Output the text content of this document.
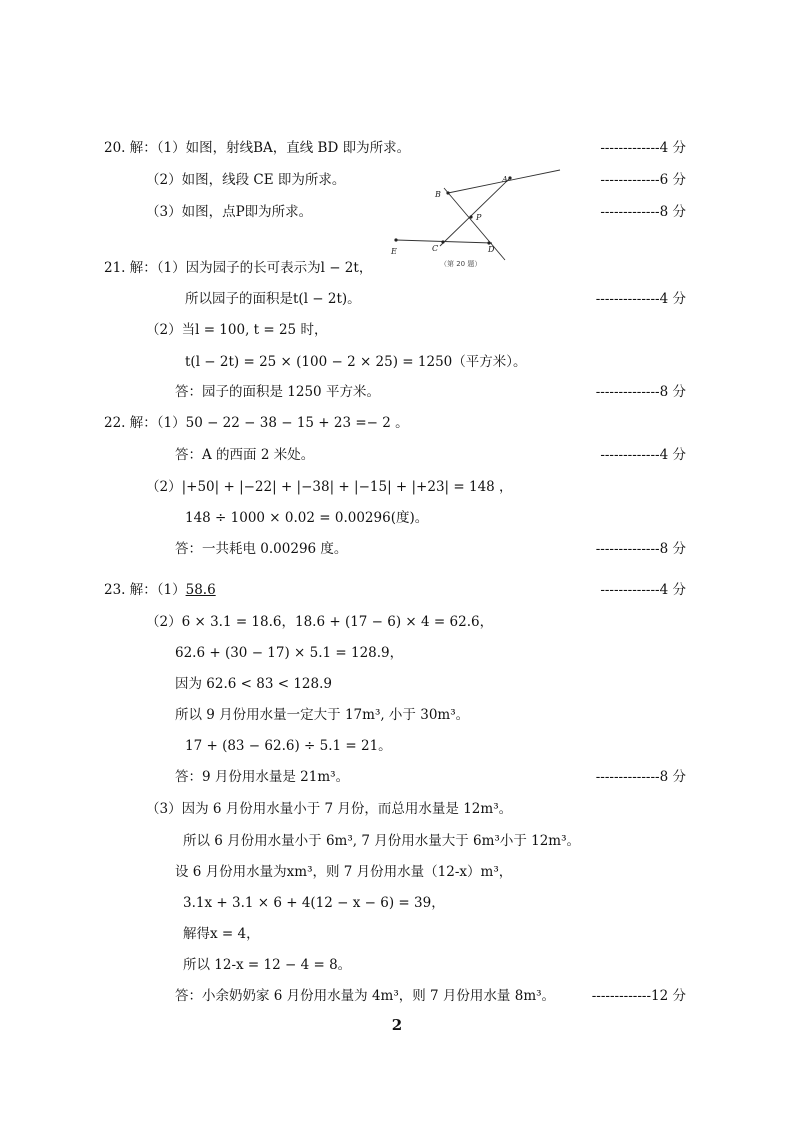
20. 解：（1）如图，射线BA，直线 BD 即为所求。
（2）如图，线段 CE 即为所求。
（3）如图，点P即为所求。
21. 解：（1）因为园子的长可表示为l − 2t，
所以园子的面积是t(l − 2t)。
（2）当l = 100, t = 25 时，
t(l − 2t) = 25 × (100 − 2 × 25) = 1250（平方米）。
答：园子的面积是 1250 平方米。
22. 解：（1）50 − 22 − 38 − 15 + 23 =− 2 。
答：A 的西面 2 米处。
（2）|+50| + |−22| + |−38| + |−15| + |+23| = 148 ，
148 ÷ 1000 × 0.02 = 0.00296(度)。
答：一共耗电 0.00296 度。
23. 解：（1）58.6
（2）6 × 3.1 = 18.6，18.6 + (17 − 6) × 4 = 62.6，
62.6 + (30 − 17) × 5.1 = 128.9，
因为 62.6 < 83 < 128.9
所以 9 月份用水量一定大于 17m³, 小于 30m³。
17 + (83 − 62.6) ÷ 5.1 = 21。
答：9 月份用水量是 21m³。
（3）因为 6 月份用水量小于 7 月份，而总用水量是 12m³。
所以 6 月份用水量小于 6m³, 7 月份用水量大于 6m³小于 12m³。
设 6 月份用水量为xm³，则 7 月份用水量（12-x）m³，
3.1x + 3.1 × 6 + 4(12 − x − 6) = 39，
解得x = 4，
所以 12-x = 12 − 4 = 8。
答：小余奶奶家 6 月份用水量为 4m³，则 7 月份用水量 8m³。
-------------4 分
-------------6 分
-------------8 分
--------------4 分
--------------8 分
-------------4 分
--------------8 分
-------------4 分
--------------8 分
-------------12 分
A
B
P
C	D
E
（第 20 题）
2
